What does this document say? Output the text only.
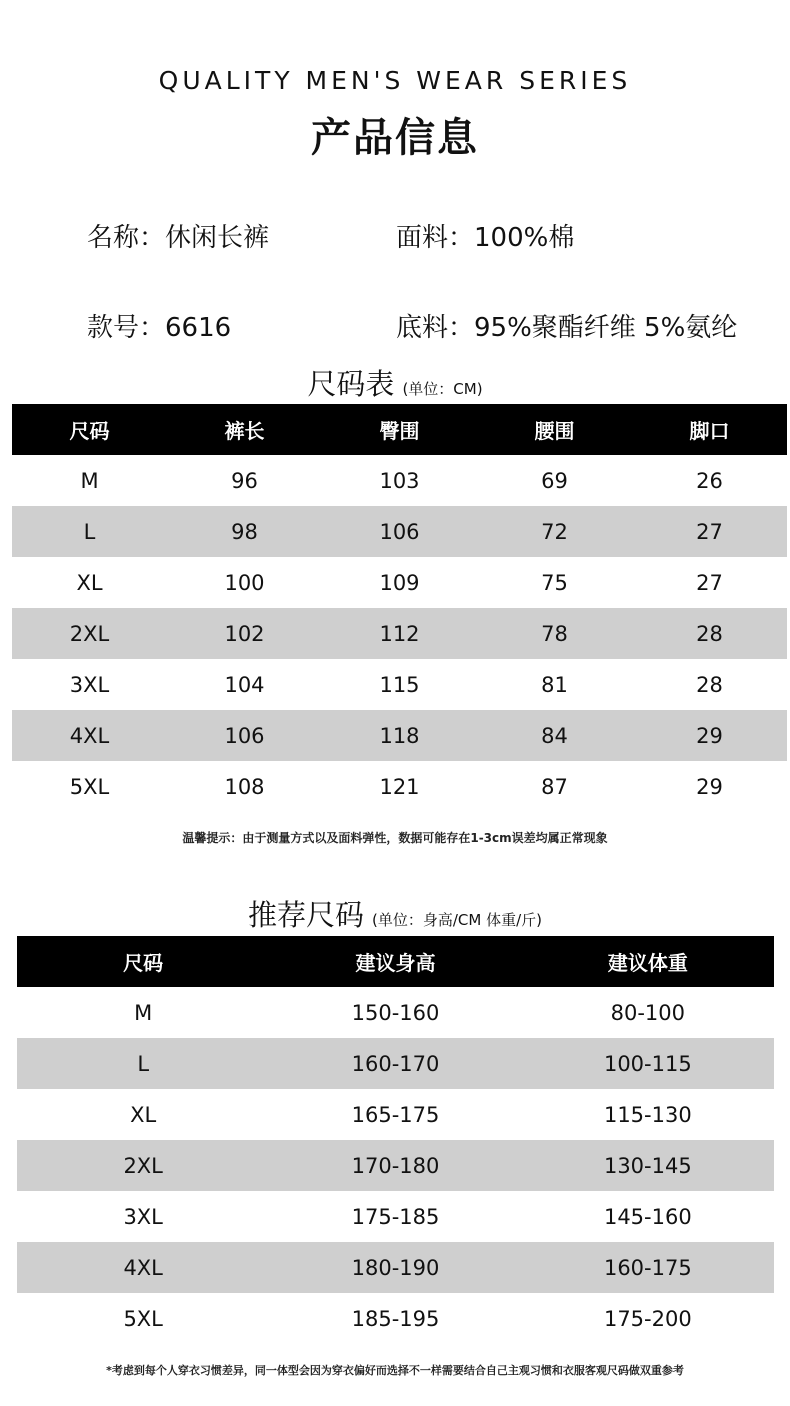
QUALITY MEN'S WEAR SERIES
产品信息
名称：休闲长裤	面料：100%棉
款号：6616	底料：95%聚酯纤维 5%氨纶
尺码表 (单位：CM)
尺码	裤长	臀围	腰围	脚口
M	96	103	69	26
L	98	106	72	27
XL	100	109	75	27
2XL	102	112	78	28
3XL	104	115	81	28
4XL	106	118	84	29
5XL	108	121	87	29
温馨提示：由于测量方式以及面料弹性，数据可能存在1-3cm误差均属正常现象
推荐尺码 (单位：身高/CM 体重/斤)
尺码	建议身高	建议体重
M	150-160	80-100
L	160-170	100-115
XL	165-175	115-130
2XL	170-180	130-145
3XL	175-185	145-160
4XL	180-190	160-175
5XL	185-195	175-200
*考虑到每个人穿衣习惯差异，同一体型会因为穿衣偏好而选择不一样需要结合自己主观习惯和衣服客观尺码做双重参考
